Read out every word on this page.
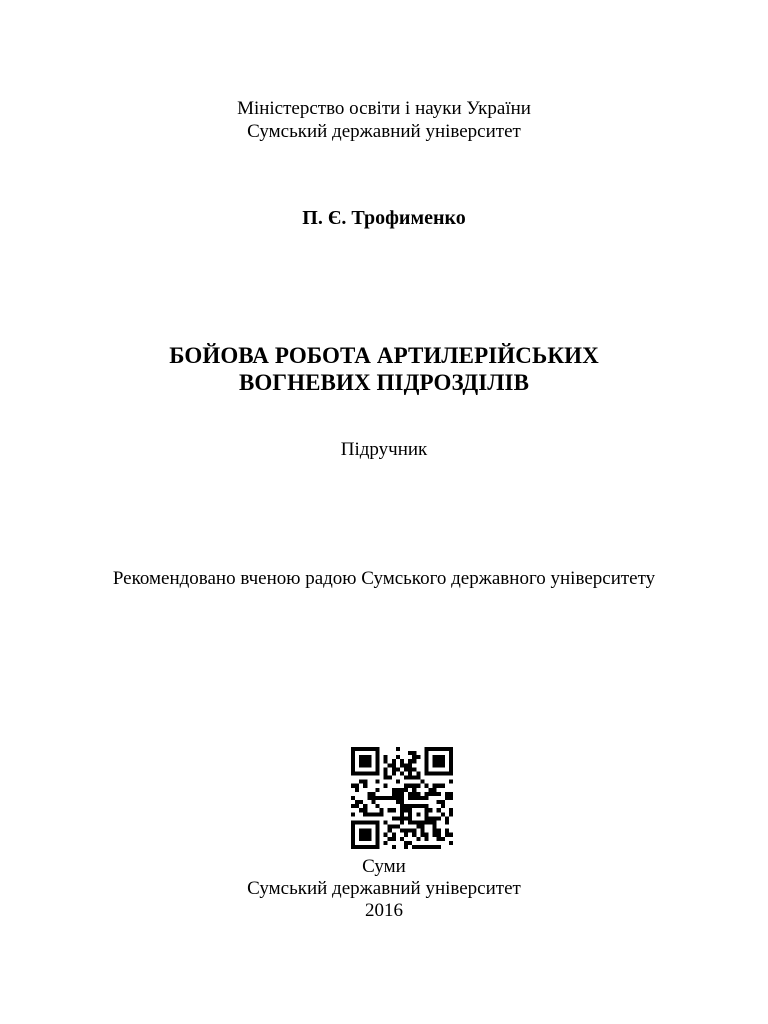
Міністерство освіти і науки України
Сумський державний університет
П. Є. Трофименко
БОЙОВА РОБОТА АРТИЛЕРІЙСЬКИХ
ВОГНЕВИХ ПІДРОЗДІЛІВ
Підручник
Рекомендовано вченою радою Сумського державного університету
Суми
Сумський державний університет
2016
